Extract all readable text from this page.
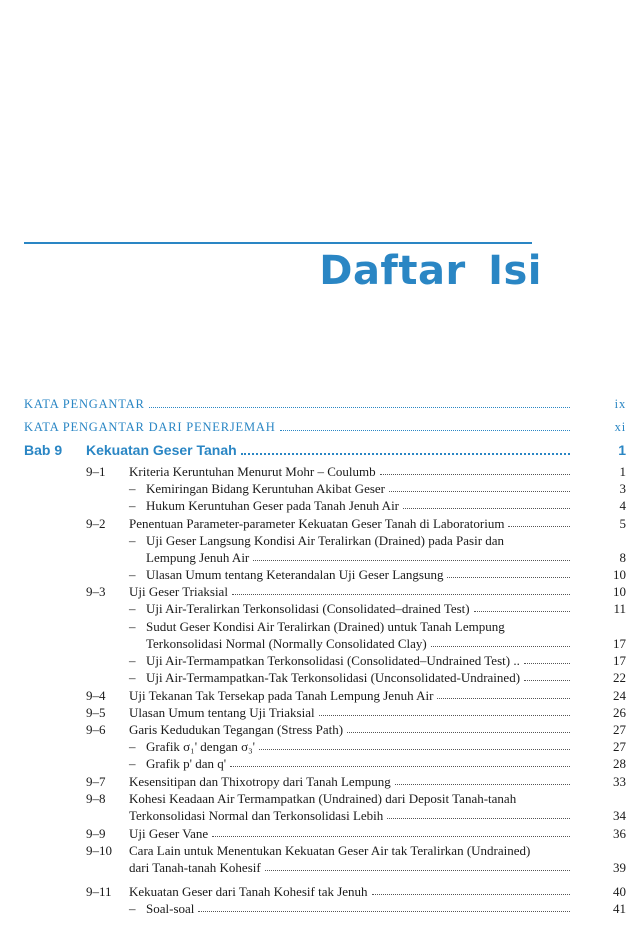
Daftar Isi
KATA PENGANTAR	ix
KATA PENGANTAR DARI PENERJEMAH	xi
Bab 9 Kekuatan Geser Tanah	1
9–1 Kriteria Keruntuhan Menurut Mohr – Coulumb	1
– Kemiringan Bidang Keruntuhan Akibat Geser	3
– Hukum Keruntuhan Geser pada Tanah Jenuh Air	4
9–2 Penentuan Parameter-parameter Kekuatan Geser Tanah di Laboratorium	5
– Uji Geser Langsung Kondisi Air Teralirkan (Drained) pada Pasir dan
Lempung Jenuh Air	8
– Ulasan Umum tentang Keterandalan Uji Geser Langsung	10
9–3 Uji Geser Triaksial	10
– Uji Air-Teralirkan Terkonsolidasi (Consolidated–drained Test)	11
– Sudut Geser Kondisi Air Teralirkan (Drained) untuk Tanah Lempung
Terkonsolidasi Normal (Normally Consolidated Clay)	17
– Uji Air-Termampatkan Terkonsolidasi (Consolidated–Undrained Test) ..	17
– Uji Air-Termampatkan-Tak Terkonsolidasi (Unconsolidated-Undrained)	22
9–4 Uji Tekanan Tak Tersekap pada Tanah Lempung Jenuh Air	24
9–5 Ulasan Umum tentang Uji Triaksial	26
9–6 Garis Kedudukan Tegangan (Stress Path)	27
– Grafik σ₁' dengan σ₃'	27
– Grafik p' dan q'	28
9–7 Kesensitipan dan Thixotropy dari Tanah Lempung	33
9–8 Kohesi Keadaan Air Termampatkan (Undrained) dari Deposit Tanah-tanah
Terkonsolidasi Normal dan Terkonsolidasi Lebih	34
9–9 Uji Geser Vane	36
9–10 Cara Lain untuk Menentukan Kekuatan Geser Air tak Teralirkan (Undrained)
dari Tanah-tanah Kohesif	39
9–11 Kekuatan Geser dari Tanah Kohesif tak Jenuh	40
– Soal-soal	41
